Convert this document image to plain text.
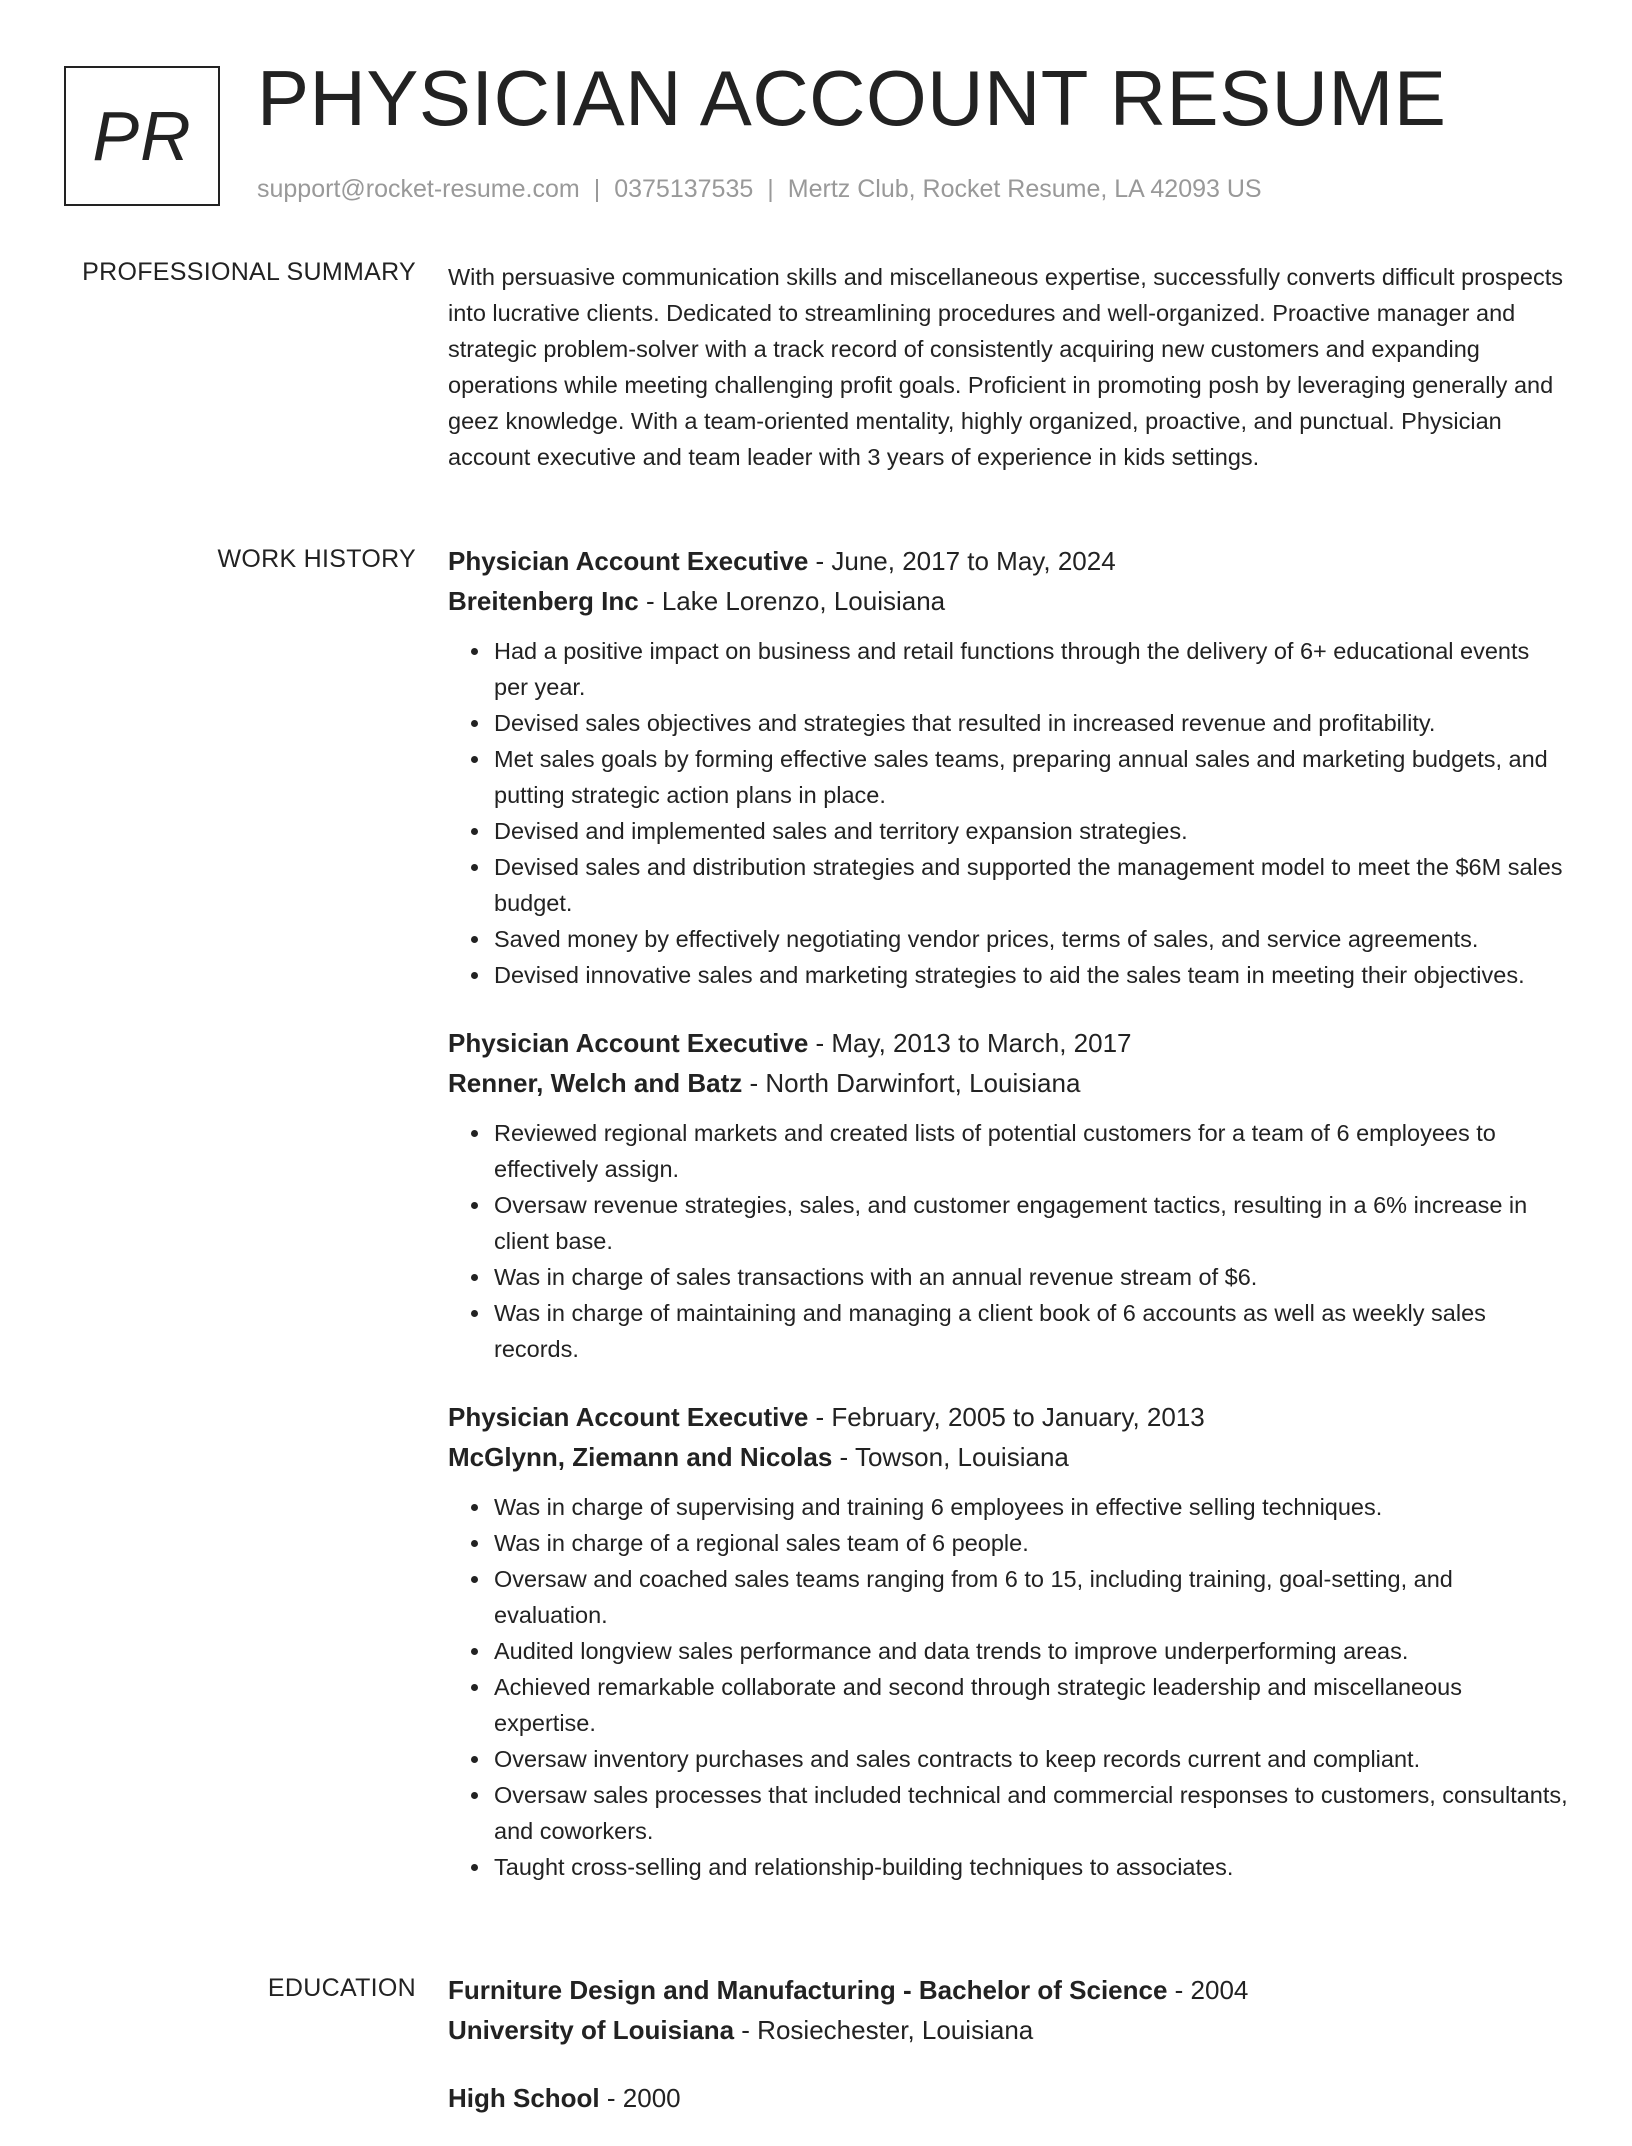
PR PHYSICIAN ACCOUNT RESUME
support@rocket-resume.com | 0375137535 | Mertz Club, Rocket Resume, LA 42093 US
PROFESSIONAL SUMMARY With persuasive communication skills and miscellaneous expertise, successfully converts difficult prospects into lucrative clients. Dedicated to streamlining procedures and well-organized. Proactive manager and strategic problem-solver with a track record of consistently acquiring new customers and expanding operations while meeting challenging profit goals. Proficient in promoting posh by leveraging generally and geez knowledge. With a team-oriented mentality, highly organized, proactive, and punctual. Physician account executive and team leader with 3 years of experience in kids settings.
WORK HISTORY Physician Account Executive - June, 2017 to May, 2024
Breitenberg Inc - Lake Lorenzo, Louisiana
• Had a positive impact on business and retail functions through the delivery of 6+ educational events per year.
• Devised sales objectives and strategies that resulted in increased revenue and profitability.
• Met sales goals by forming effective sales teams, preparing annual sales and marketing budgets, and putting strategic action plans in place.
• Devised and implemented sales and territory expansion strategies.
• Devised sales and distribution strategies and supported the management model to meet the $6M sales budget.
• Saved money by effectively negotiating vendor prices, terms of sales, and service agreements.
• Devised innovative sales and marketing strategies to aid the sales team in meeting their objectives.
Physician Account Executive - May, 2013 to March, 2017
Renner, Welch and Batz - North Darwinfort, Louisiana
• Reviewed regional markets and created lists of potential customers for a team of 6 employees to effectively assign.
• Oversaw revenue strategies, sales, and customer engagement tactics, resulting in a 6% increase in client base.
• Was in charge of sales transactions with an annual revenue stream of $6.
• Was in charge of maintaining and managing a client book of 6 accounts as well as weekly sales records.
Physician Account Executive - February, 2005 to January, 2013
McGlynn, Ziemann and Nicolas - Towson, Louisiana
• Was in charge of supervising and training 6 employees in effective selling techniques.
• Was in charge of a regional sales team of 6 people.
• Oversaw and coached sales teams ranging from 6 to 15, including training, goal-setting, and evaluation.
• Audited longview sales performance and data trends to improve underperforming areas.
• Achieved remarkable collaborate and second through strategic leadership and miscellaneous expertise.
• Oversaw inventory purchases and sales contracts to keep records current and compliant.
• Oversaw sales processes that included technical and commercial responses to customers, consultants, and coworkers.
• Taught cross-selling and relationship-building techniques to associates.
EDUCATION Furniture Design and Manufacturing - Bachelor of Science - 2004
University of Louisiana - Rosiechester, Louisiana
High School - 2000
